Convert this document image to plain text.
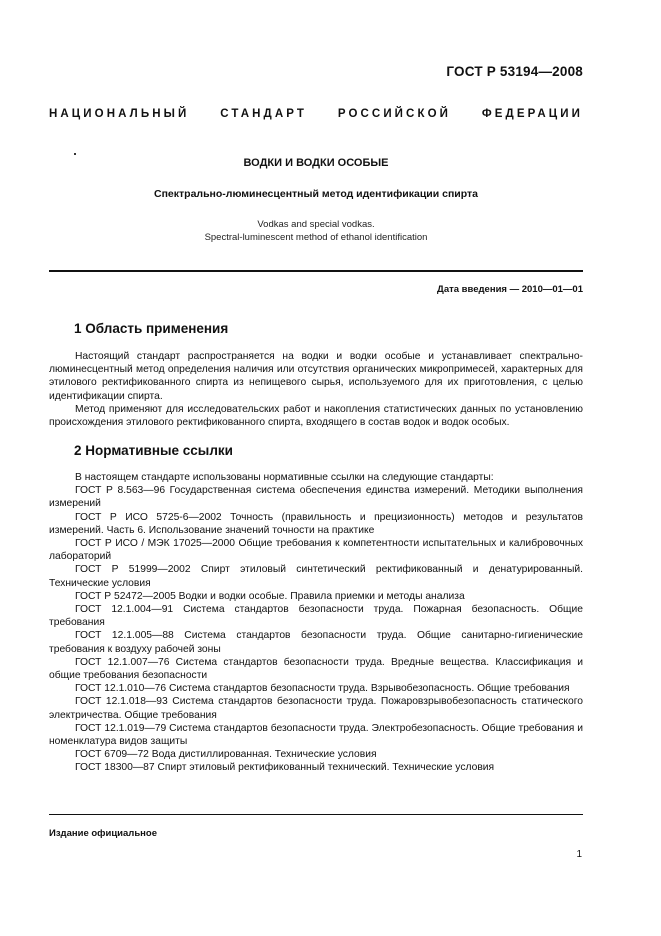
ГОСТ Р 53194—2008
НАЦИОНАЛЬНЫЙ СТАНДАРТ РОССИЙСКОЙ ФЕДЕРАЦИИ
ВОДКИ И ВОДКИ ОСОБЫЕ
Спектрально-люминесцентный метод идентификации спирта
Vodkas and special vodkas.
Spectral-luminescent method of ethanol identification
Дата введения — 2010—01—01
1 Область применения

Настоящий стандарт распространяется на водки и водки особые и устанавливает спектрально-люминесцентный метод определения наличия или отсутствия органических микропримесей, характерных для этилового ректификованного спирта из непищевого сырья, используемого для их приготовления, с целью идентификации спирта.

Метод применяют для исследовательских работ и накопления статистических данных по установлению происхождения этилового ректификованного спирта, входящего в состав водок и водок особых.

2 Нормативные ссылки

В настоящем стандарте использованы нормативные ссылки на следующие стандарты:

ГОСТ Р 8.563—96 Государственная система обеспечения единства измерений. Методики выполнения измерений

ГОСТ Р ИСО 5725-6—2002 Точность (правильность и прецизионность) методов и результатов измерений. Часть 6. Использование значений точности на практике

ГОСТ Р ИСО / МЭК 17025—2000 Общие требования к компетентности испытательных и калибровочных лабораторий

ГОСТ Р 51999—2002 Спирт этиловый синтетический ректификованный и денатурированный. Технические условия

ГОСТ Р 52472—2005 Водки и водки особые. Правила приемки и методы анализа

ГОСТ 12.1.004—91 Система стандартов безопасности труда. Пожарная безопасность. Общие требования

ГОСТ 12.1.005—88 Система стандартов безопасности труда. Общие санитарно-гигиенические требования к воздуху рабочей зоны

ГОСТ 12.1.007—76 Система стандартов безопасности труда. Вредные вещества. Классификация и общие требования безопасности

ГОСТ 12.1.010—76 Система стандартов безопасности труда. Взрывобезопасность. Общие требования

ГОСТ 12.1.018—93 Система стандартов безопасности труда. Пожаровзрывобезопасность статического электричества. Общие требования

ГОСТ 12.1.019—79 Система стандартов безопасности труда. Электробезопасность. Общие требования и номенклатура видов защиты

ГОСТ 6709—72 Вода дистиллированная. Технические условия

ГОСТ 18300—87 Спирт этиловый ректификованный технический. Технические условия

Издание официальное
1
